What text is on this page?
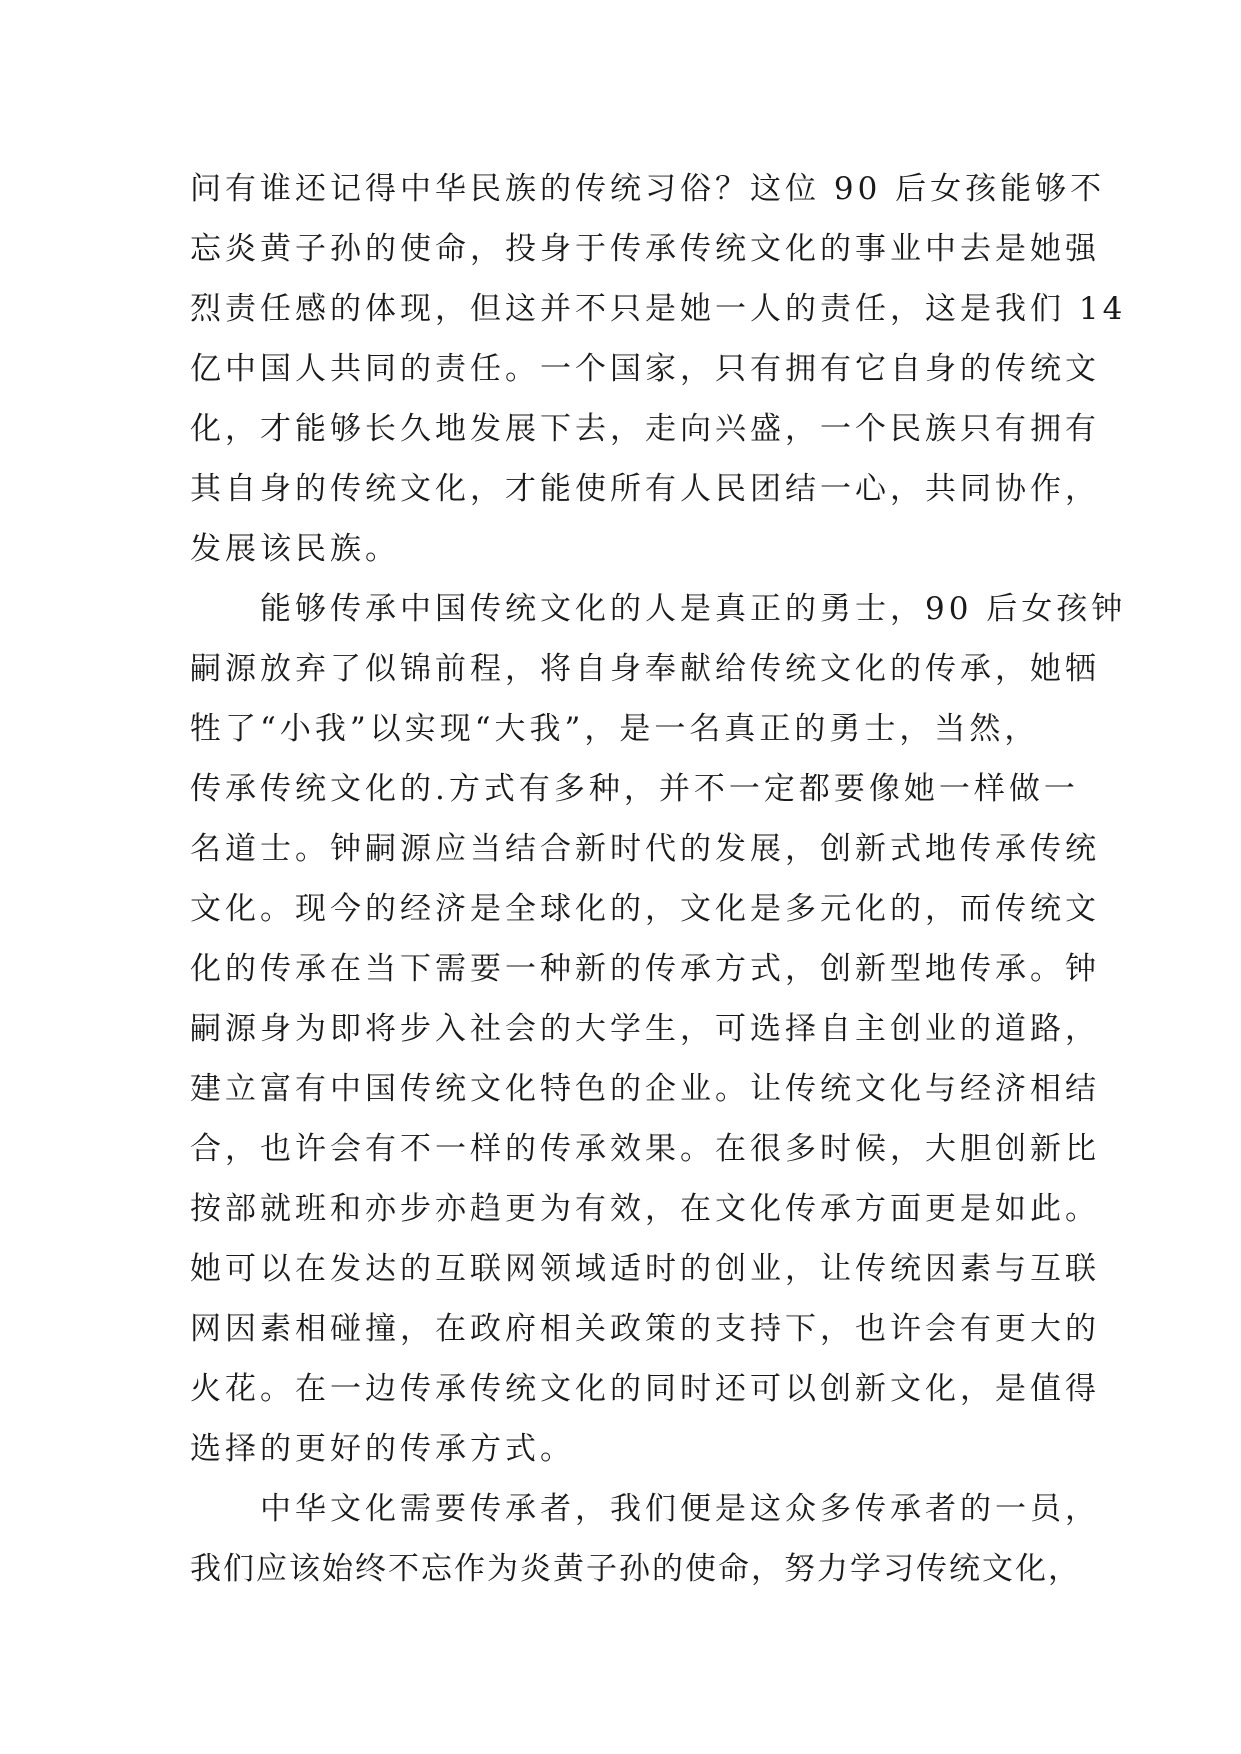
问有谁还记得中华民族的传统习俗？这位 90 后女孩能够不
忘炎黄子孙的使命，投身于传承传统文化的事业中去是她强
烈责任感的体现，但这并不只是她一人的责任，这是我们 14
亿中国人共同的责任。一个国家，只有拥有它自身的传统文
化，才能够长久地发展下去，走向兴盛，一个民族只有拥有
其自身的传统文化，才能使所有人民团结一心，共同协作，
发展该民族。
　　能够传承中国传统文化的人是真正的勇士，90 后女孩钟
嗣源放弃了似锦前程，将自身奉献给传统文化的传承，她牺
牲了“小我”以实现“大我”，是一名真正的勇士，当然，
传承传统文化的.方式有多种，并不一定都要像她一样做一
名道士。钟嗣源应当结合新时代的发展，创新式地传承传统
文化。现今的经济是全球化的，文化是多元化的，而传统文
化的传承在当下需要一种新的传承方式，创新型地传承。钟
嗣源身为即将步入社会的大学生，可选择自主创业的道路，
建立富有中国传统文化特色的企业。让传统文化与经济相结
合，也许会有不一样的传承效果。在很多时候，大胆创新比
按部就班和亦步亦趋更为有效，在文化传承方面更是如此。
她可以在发达的互联网领域适时的创业，让传统因素与互联
网因素相碰撞，在政府相关政策的支持下，也许会有更大的
火花。在一边传承传统文化的同时还可以创新文化，是值得
选择的更好的传承方式。
　　中华文化需要传承者，我们便是这众多传承者的一员，
我们应该始终不忘作为炎黄子孙的使命，努力学习传统文化，
